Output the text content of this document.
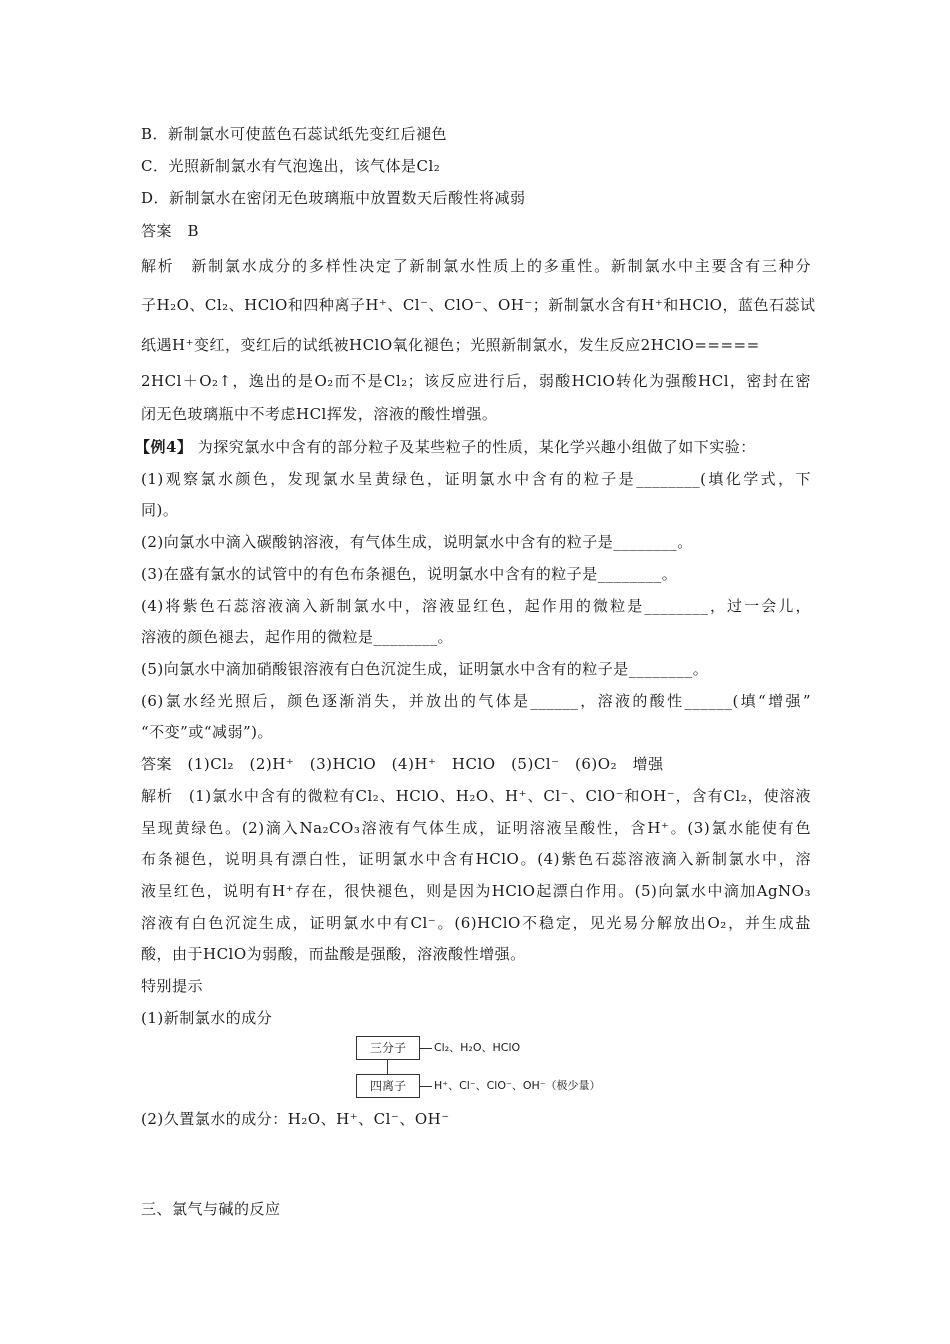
B．新制氯水可使蓝色石蕊试纸先变红后褪色
C．光照新制氯水有气泡逸出，该气体是Cl₂
D．新制氯水在密闭无色玻璃瓶中放置数天后酸性将减弱
答案　B
解析　新制氯水成分的多样性决定了新制氯水性质上的多重性。新制氯水中主要含有三种分
子H₂O、Cl₂、HClO和四种离子H⁺、Cl⁻、ClO⁻、OH⁻；新制氯水含有H⁺和HClO，蓝色石蕊试
纸遇H⁺变红，变红后的试纸被HClO氧化褪色；光照新制氯水，发生反应2HClO=====
2HCl＋O₂↑，逸出的是O₂而不是Cl₂；该反应进行后，弱酸HClO转化为强酸HCl，密封在密
闭无色玻璃瓶中不考虑HCl挥发，溶液的酸性增强。
【例4】 为探究氯水中含有的部分粒子及某些粒子的性质，某化学兴趣小组做了如下实验：
(1)观察氯水颜色，发现氯水呈黄绿色，证明氯水中含有的粒子是________(填化学式，下
同)。
(2)向氯水中滴入碳酸钠溶液，有气体生成，说明氯水中含有的粒子是________。
(3)在盛有氯水的试管中的有色布条褪色，说明氯水中含有的粒子是________。
(4)将紫色石蕊溶液滴入新制氯水中，溶液显红色，起作用的微粒是________，过一会儿，
溶液的颜色褪去，起作用的微粒是________。
(5)向氯水中滴加硝酸银溶液有白色沉淀生成，证明氯水中含有的粒子是________。
(6)氯水经光照后，颜色逐渐消失，并放出的气体是______，溶液的酸性______(填“增强”
“不变”或“减弱”)。
答案　(1)Cl₂　(2)H⁺　(3)HClO　(4)H⁺　HClO　(5)Cl⁻　(6)O₂　增强
解析　(1)氯水中含有的微粒有Cl₂、HClO、H₂O、H⁺、Cl⁻、ClO⁻和OH⁻，含有Cl₂，使溶液
呈现黄绿色。(2)滴入Na₂CO₃溶液有气体生成，证明溶液呈酸性，含H⁺。(3)氯水能使有色
布条褪色，说明具有漂白性，证明氯水中含有HClO。(4)紫色石蕊溶液滴入新制氯水中，溶
液呈红色，说明有H⁺存在，很快褪色，则是因为HClO起漂白作用。(5)向氯水中滴加AgNO₃
溶液有白色沉淀生成，证明氯水中有Cl⁻。(6)HClO不稳定，见光易分解放出O₂，并生成盐
酸，由于HClO为弱酸，而盐酸是强酸，溶液酸性增强。
特别提示
(1)新制氯水的成分
三分子	Cl₂、H₂O、HClO
四离子	H⁺、Cl⁻、ClO⁻、OH⁻（极少量）
(2)久置氯水的成分：H₂O、H⁺、Cl⁻、OH⁻
三、氯气与碱的反应
